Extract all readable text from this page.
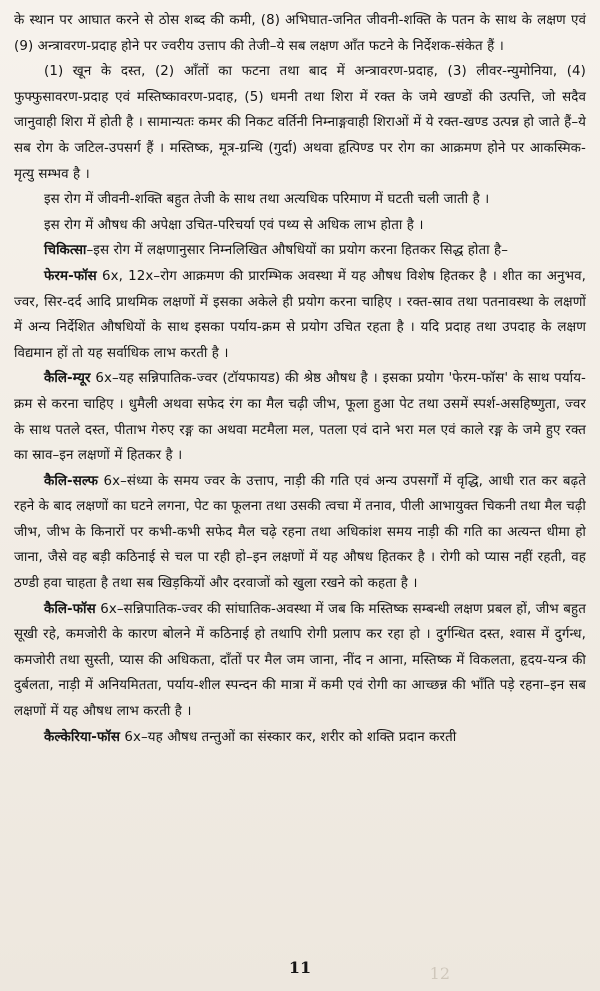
के स्थान पर आघात करने से ठोस शब्द की कमी, (8) अभिघात-जनित जीवनी-शक्ति के पतन के साथ के लक्षण एवं (9) अन्त्रावरण-प्रदाह होने पर ज्वरीय उत्ताप की तेजी–ये सब लक्षण आँत फटने के निर्देशक-संकेत हैं ।

(1) खून के दस्त, (2) आँतों का फटना तथा बाद में अन्त्रावरण-प्रदाह, (3) लीवर-न्युमोनिया, (4) फुफ्फुसावरण-प्रदाह एवं मस्तिष्कावरण-प्रदाह, (5) धमनी तथा शिरा में रक्त के जमे खण्डों की उत्पत्ति, जो सदैव जानुवाही शिरा में होती है । सामान्यतः कमर की निकट वर्तिनी निम्नाङ्गवाही शिराओं में ये रक्त-खण्ड उत्पन्न हो जाते हैं–ये सब रोग के जटिल-उपसर्ग हैं । मस्तिष्क, मूत्र-ग्रन्थि (गुर्दा) अथवा हृत्पिण्ड पर रोग का आक्रमण होने पर आकस्मिक-मृत्यु सम्भव है ।

इस रोग में जीवनी-शक्ति बहुत तेजी के साथ तथा अत्यधिक परिमाण में घटती चली जाती है ।

इस रोग में औषध की अपेक्षा उचित-परिचर्या एवं पथ्य से अधिक लाभ होता है ।

चिकित्सा–इस रोग में लक्षणानुसार निम्नलिखित औषधियों का प्रयोग करना हितकर सिद्ध होता है–

फेरम-फॉस 6x, 12x–रोग आक्रमण की प्रारम्भिक अवस्था में यह औषध विशेष हितकर है । शीत का अनुभव, ज्वर, सिर-दर्द आदि प्राथमिक लक्षणों में इसका अकेले ही प्रयोग करना चाहिए । रक्त-स्राव तथा पतनावस्था के लक्षणों में अन्य निर्देशित औषधियों के साथ इसका पर्याय-क्रम से प्रयोग उचित रहता है । यदि प्रदाह तथा उपदाह के लक्षण विद्यमान हों तो यह सर्वाधिक लाभ करती है ।

कैलि-म्यूर 6x–यह सन्निपातिक-ज्वर (टॉयफायड) की श्रेष्ठ औषध है । इसका प्रयोग 'फेरम-फॉस' के साथ पर्याय-क्रम से करना चाहिए । धुमैली अथवा सफेद रंग का मैल चढ़ी जीभ, फूला हुआ पेट तथा उसमें स्पर्श-असहिष्णुता, ज्वर के साथ पतले दस्त, पीताभ गेरुए रङ्ग का अथवा मटमैला मल, पतला एवं दाने भरा मल एवं काले रङ्ग के जमे हुए रक्त का स्राव–इन लक्षणों में हितकर है ।

कैलि-सल्फ 6x–संध्या के समय ज्वर के उत्ताप, नाड़ी की गति एवं अन्य उपसर्गों में वृद्धि, आधी रात कर बढ़ते रहने के बाद लक्षणों का घटने लगना, पेट का फूलना तथा उसकी त्वचा में तनाव, पीली आभायुक्त चिकनी तथा मैल चढ़ी जीभ, जीभ के किनारों पर कभी-कभी सफेद मैल चढ़े रहना तथा अधिकांश समय नाड़ी की गति का अत्यन्त धीमा हो जाना, जैसे वह बड़ी कठिनाई से चल पा रही हो–इन लक्षणों में यह औषध हितकर है । रोगी को प्यास नहीं रहती, वह ठण्डी हवा चाहता है तथा सब खिड़कियों और दरवाजों को खुला रखने को कहता है ।

कैलि-फॉस 6x–सन्निपातिक-ज्वर की सांघातिक-अवस्था में जब कि मस्तिष्क सम्बन्धी लक्षण प्रबल हों, जीभ बहुत सूखी रहे, कमजोरी के कारण बोलने में कठिनाई हो तथापि रोगी प्रलाप कर रहा हो । दुर्गन्धित दस्त, श्वास में दुर्गन्ध, कमजोरी तथा सुस्ती, प्यास की अधिकता, दाँतों पर मैल जम जाना, नींद न आना, मस्तिष्क में विकलता, हृदय-यन्त्र की दुर्बलता, नाड़ी में अनियमितता, पर्याय-शील स्पन्दन की मात्रा में कमी एवं रोगी का आच्छन्न की भाँति पड़े रहना–इन सब लक्षणों में यह औषध लाभ करती है ।

कैल्केरिया-फॉस 6x–यह औषध तन्तुओं का संस्कार कर, शरीर को शक्ति प्रदान करती

12
11
